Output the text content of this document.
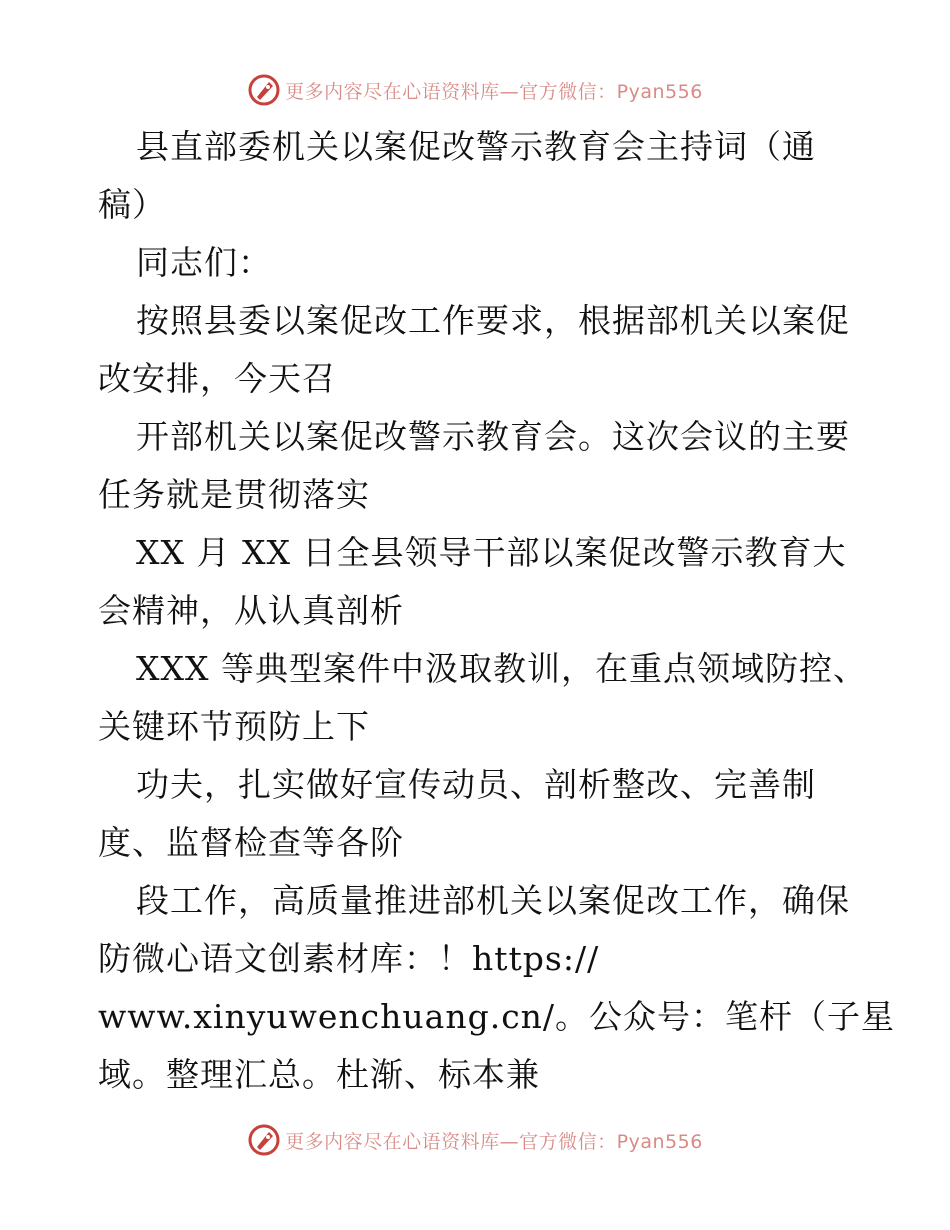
更多内容尽在心语资料库—官方微信：Pyan556
县直部委机关以案促改警示教育会主持词（通
稿）
同志们：
按照县委以案促改工作要求，根据部机关以案促
改安排，今天召
开部机关以案促改警示教育会。这次会议的主要
任务就是贯彻落实
XX 月 XX 日全县领导干部以案促改警示教育大
会精神，从认真剖析
XXX 等典型案件中汲取教训，在重点领域防控、
关键环节预防上下
功夫，扎实做好宣传动员、剖析整改、完善制
度、监督检查等各阶
段工作，高质量推进部机关以案促改工作，确保
防微心语文创素材库：！https://
www.xinyuwenchuang.cn/。公众号：笔杆（子星
域。整理汇总。杜渐、标本兼
更多内容尽在心语资料库—官方微信：Pyan556
